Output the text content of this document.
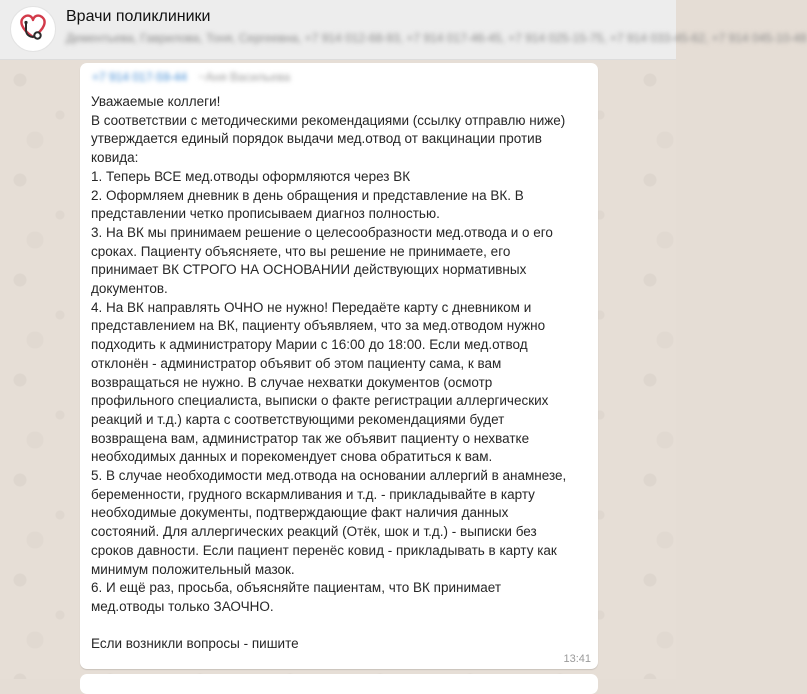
Врачи поликлиники
Дементьева, Гаврилова, Тоня, Сергеевна, +7 914 012-68-93, +7 914 017-46-45, +7 914 025-15-75, +7 914 033-45-62, +7 914 045-10-48
+7 914 017-59-44 ~Аня Васильева
Уважаемые коллеги!
В соответствии с методическими рекомендациями (ссылку отправлю ниже)
утверждается единый порядок выдачи мед.отвод от вакцинации против
ковида:
1. Теперь ВСЕ мед.отводы оформляются через ВК
2. Оформляем дневник в день обращения и представление на ВК. В
представлении четко прописываем диагноз полностью.
3. На ВК мы принимаем решение о целесообразности мед.отвода и о его
сроках. Пациенту объясняете, что вы решение не принимаете, его
принимает ВК СТРОГО НА ОСНОВАНИИ действующих нормативных
документов.
4. На ВК направлять ОЧНО не нужно! Передаёте карту с дневником и
представлением на ВК, пациенту объявляем, что за мед.отводом нужно
подходить к администратору Марии с 16:00 до 18:00. Если мед.отвод
отклонён - администратор объявит об этом пациенту сама, к вам
возвращаться не нужно. В случае нехватки документов (осмотр
профильного специалиста, выписки о факте регистрации аллергических
реакций и т.д.) карта с соответствующими рекомендациями будет
возвращена вам, администратор так же объявит пациенту о нехватке
необходимых данных и порекомендует снова обратиться к вам.
5. В случае необходимости мед.отвода на основании аллергий в анамнезе,
беременности, грудного вскармливания и т.д. - прикладывайте в карту
необходимые документы, подтверждающие факт наличия данных
состояний. Для аллергических реакций (Отёк, шок и т.д.) - выписки без
сроков давности. Если пациент перенёс ковид - прикладывать в карту как
минимум положительный мазок.
6. И ещё раз, просьба, объясняйте пациентам, что ВК принимает
мед.отводы только ЗАОЧНО.
Если возникли вопросы - пишите
13:41
